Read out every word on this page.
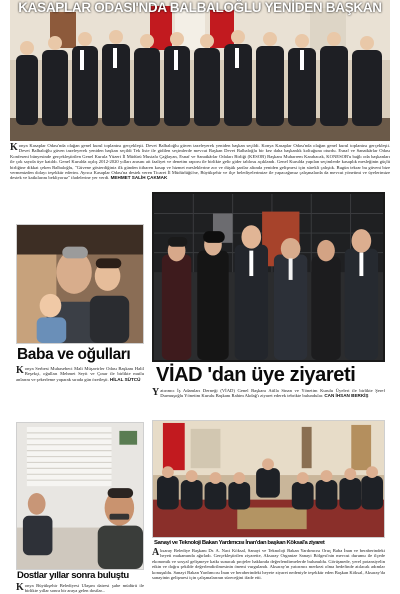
KASAPLAR ODASI'NDA BALBALOĞLU YENİDEN BAŞKAN
Konya Kasaplar Odası'nda olağan genel kurul toplantısı gerçekleşti. Devet Balbaloğlu güven tazeleyerek yeniden başkan seçildi. Konya Kasaplar Odası'nda olağan genel kurul toplantısı gerçekleşti. Devet Balbaloğlu güven tazeleyerek yeniden başkan seçildi Tek liste ile gidilen seçimlerde mevcut Başkan Devet Balbaloğlu bir kez daha başkanlık koltuğuna oturdu. Esnaf ve Sanatkârlar Odası Konfeseni bünyesinde gerçekleştirilen Genel Kurula Yüzeri İl Müdürü Mustafa Çağlayan, Esnaf ve Sanatkârlar Odaları Birliği (KESOB) Başkanı Muharrem Karabacak, KONESOB'u bağlı oda başkanları ile çok sayıda üye katıldı. Genel Kurulda açılış 2012-2020 yılları arasını ait faaliyet ve denetim raporu ile birlikte gelir gider tablosu açıklandı. Genel Kurulda yapılan seçimlerde kasaplık mesleğinin güçlü birliğine dikkat çeken Balbaloğlu, "Güvene gösterdiğiniz ilk günden itibaren kasap ve hizmet mesleklerine zor ve düşük şartlar altında yeniden gelişmesi için sürekli çalıştık. Bugün tekrar bu güveni bize vermenizden dolayı teşekkür ederim. Ayrıca Kasaplar Odası'na destek veren Ticaret İl Müdürlüğü'ne, Büyükşehir ve ilçe belediyelerimize ile yapacağımız çalışmalarda da mevcut yönetimi ve üyelerimize destek ve katkılarını bekliyoruz" ifadelerine yer verdi. MEHMET SALİH ÇAKMAK
Baba ve oğulları
Konya Serbest Muhasebeci Mali Müşavirler Odası Başkanı Halil Beşekçi, oğulları Mehmet Seyit ve Çınar ile birlikte mutlu anlarını ve şekerleme yaparak sırada gün özetleşti. HİLAL SÜTCÜ VİAD 'dan üye ziyareti
Yatırımcı İş Adamları Derneği (VİAD) Genel Başkanı Atilla Sinan ve Yönetim Kurulu Üyeleri ile birlikte Şeref Durmuşoğlu Yönetim Kurulu Başkanı Rahim Akdağ'ı ziyaret ederek tebrikte bulundular. CAN İHSAN BERKİŞ
Dostlar yıllar sonra buluştu
Konya Büyükşehir Belediyesi Ulaşım dairesi şube müdürü ile birlikte yıllar sonra bir araya gelen dostlar...
Sanayi ve Teknoloji Bakan Yardımcısı İnan'dan başkan Köksal'a ziyaret
Aksaray Belediye Başkanı Dr. A. Naci Köksal, Sanayi ve Teknoloji Bakan Yardımcısı Oruç Baba İnan ve beraberindeki heyeti makamında ağırladı. Gerçekleştirilen ziyarette, Aksaray Organize Sanayi Bölgesi'nin mevcut durumu ile ilçede ekonomik ve sosyal gelişmeye katkı sunacak projeler hakkında değerlendirmelerde bulunuldu. Görüşmede, yerel potansiyelin etkin ve doğru şekilde değerlendirilmesinin önemi vurgulandı. Aksaray'ın yatırımcı merkezi olma hedefinde atılacak adımlar konuşuldu. Sanayi Bakan Yardımcısı İnan ve beraberindeki heyete ziyaret nedeniyle teşekkür eden Başkan Köksal, Aksaray'da sanayinin gelişmesi için çalışmalarının süreceğini ifade etti.
